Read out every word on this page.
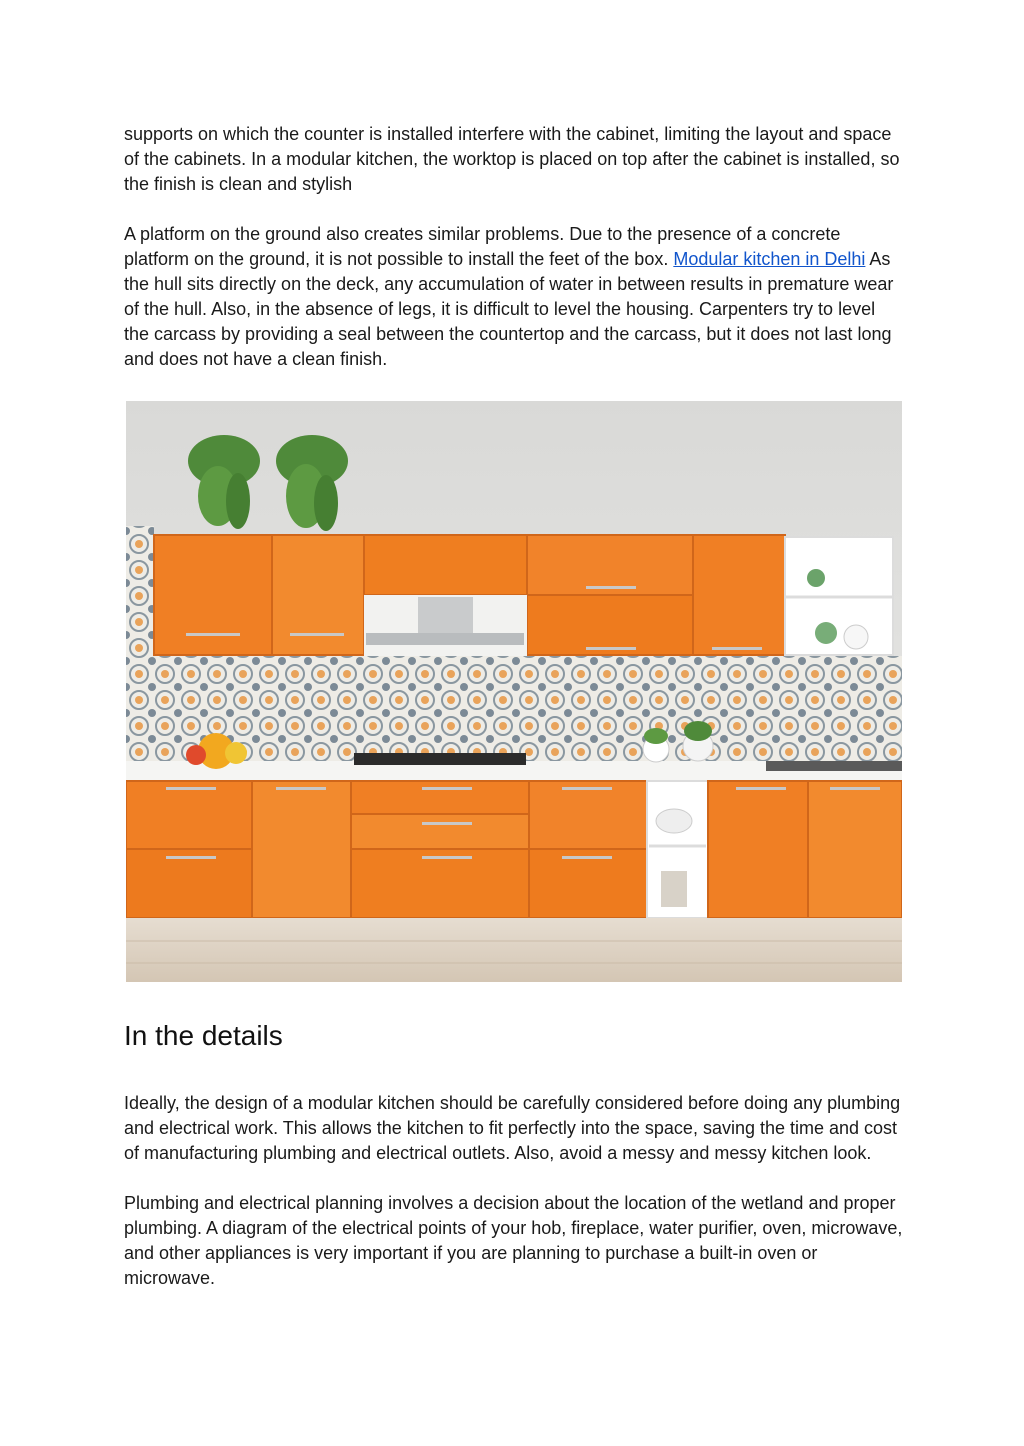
supports on which the counter is installed interfere with the cabinet, limiting the layout and space of the cabinets. In a modular kitchen, the worktop is placed on top after the cabinet is installed, so the finish is clean and stylish

A platform on the ground also creates similar problems. Due to the presence of a concrete platform on the ground, it is not possible to install the feet of the box. Modular kitchen in Delhi As the hull sits directly on the deck, any accumulation of water in between results in premature wear of the hull. Also, in the absence of legs, it is difficult to level the housing. Carpenters try to level the carcass by providing a seal between the countertop and the carcass, but it does not last long and does not have a clean finish.

In the details

Ideally, the design of a modular kitchen should be carefully considered before doing any plumbing and electrical work. This allows the kitchen to fit perfectly into the space, saving the time and cost of manufacturing plumbing and electrical outlets. Also, avoid a messy and messy kitchen look.

Plumbing and electrical planning involves a decision about the location of the wetland and proper plumbing. A diagram of the electrical points of your hob, fireplace, water purifier, oven, microwave, and other appliances is very important if you are planning to purchase a built-in oven or microwave.
